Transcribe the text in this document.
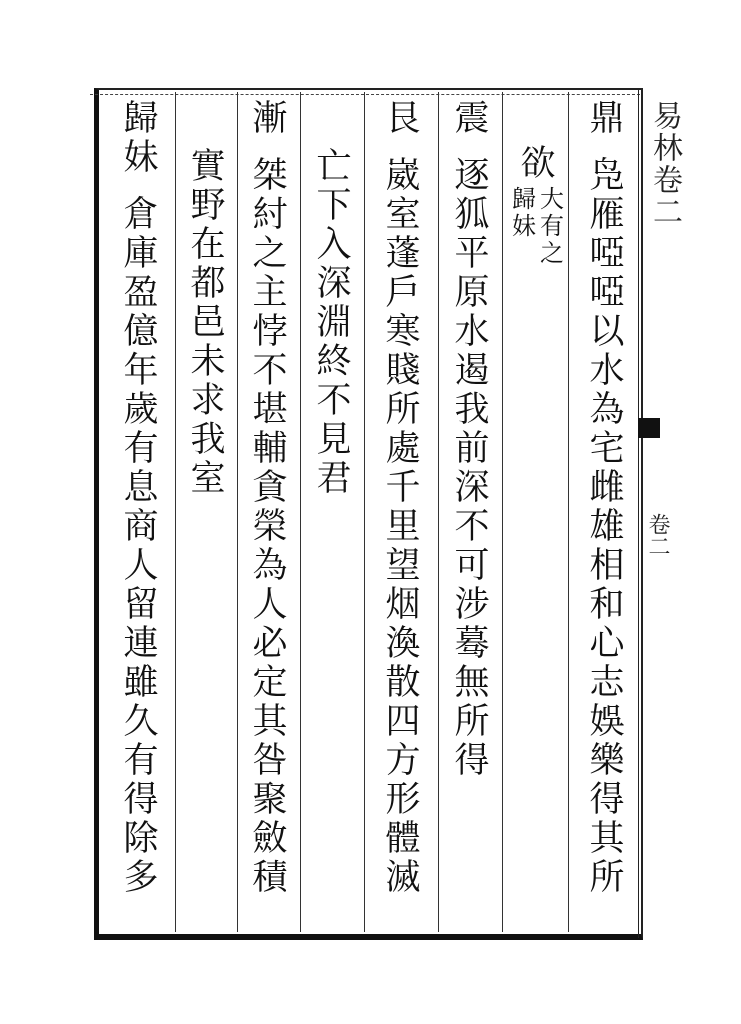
鼎
凫
雁
啞
啞
以
水
為
宅
雌
雄
相
和
心
志
娛
樂
得
其
所
欲
大
有
之
歸
妹
震
逐
狐
平
原
水
遏
我
前
深
不
可
涉
蓦
無
所
得
艮
崴
室
蓬
戶
寒
賤
所
處
千
里
望
烟
渙
散
四
方
形
體
滅
亡
下
入
深
淵
終
不
見
君
漸
桀
紂
之
主
悖
不
堪
輔
貪
榮
為
人
必
定
其
咎
聚
斂
積
實
野
在
都
邑
未
求
我
室
歸
妹
倉
庫
盈
億
年
歲
有
息
商
人
留
連
雖
久
有
得
除
多
易林卷二
卷二
